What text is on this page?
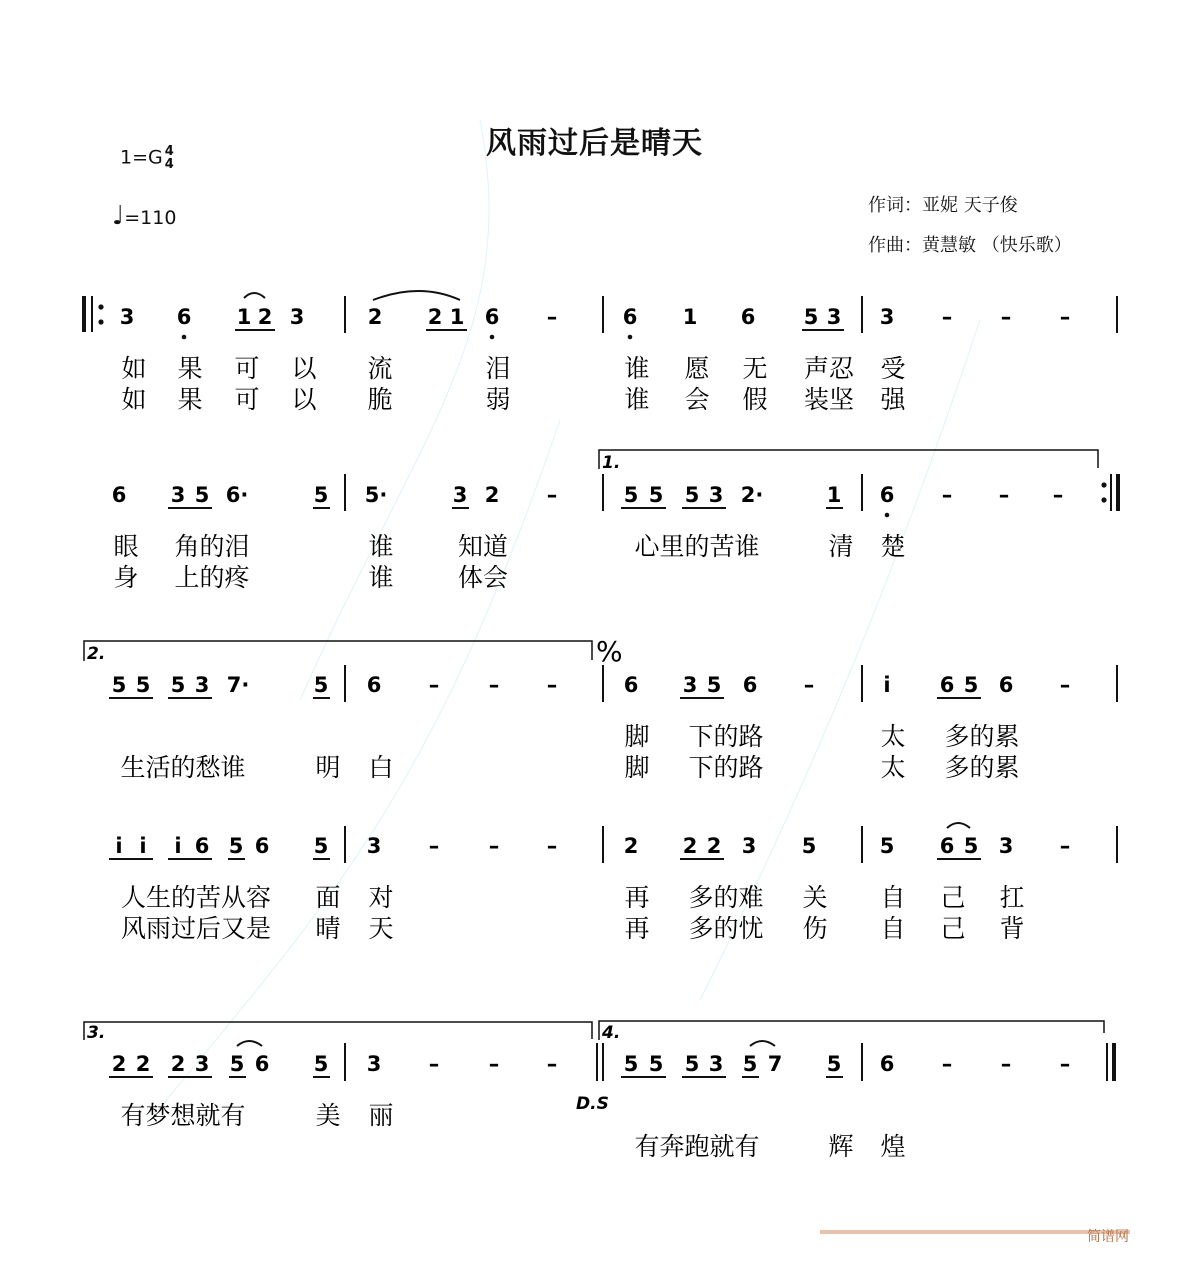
风雨过后是晴天
1=G 4
4
♩=110
作词：亚妮 天子俊
作曲：黄慧敏 （快乐歌）
3 6 1 2 3	2 2 1 6 –	6 1 6 5 3 3 – – –
如 果 可 以 流	泪	谁 愿 无 声忍 受
如 果 可 以 脆	弱	谁 会 假 装坚 强
1.
6 3 5 6·	5 5·	3 2 –	5 5 5 3 2·	1 6 – – –
眼 角的泪	谁	知道	心里的苦谁	清 楚
身 上的疼	谁	体会
2.	%
5 5 5 3 7·	5 6 – – –	6 3 5 6 –	i 6 5 6 –
脚 下的路	太 多的累
生活的愁谁	明 白	脚 下的路	太 多的累
i i i 6 5 6 5 3 – – –	2 2 2 3 5	5 6 5 3 –
人生的苦从容 面 对	再 多的难 关 自 己 扛
风雨过后又是 晴 天	再 多的忧 伤 自 己 背
3.	4.
2 2 2 3 5 6 5 3 – – –	5 5 5 3 5 7 5 6 – – –
D.S
有梦想就有	美 丽
有奔跑就有	辉 煌
简谱网
